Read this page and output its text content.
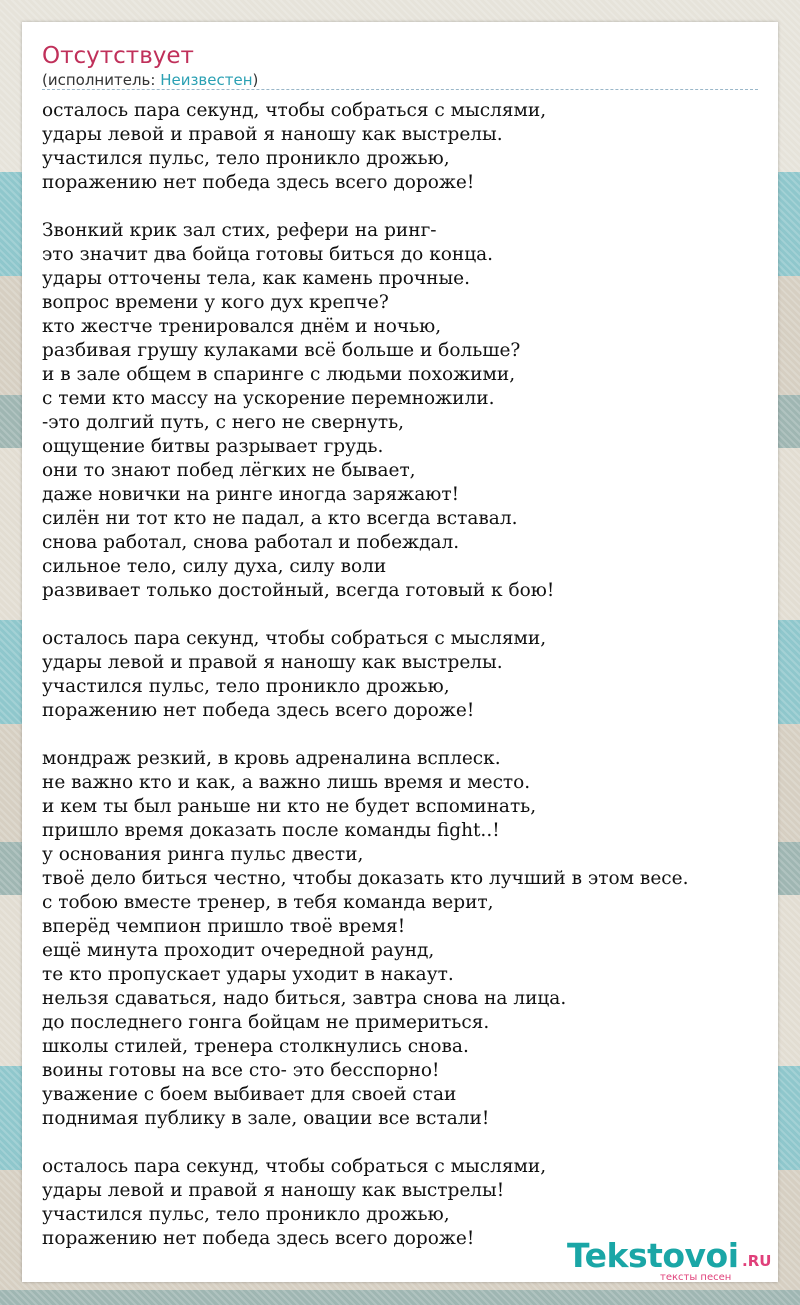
Отсутствует
(исполнитель: Неизвестен)
осталось пара секунд, чтобы собраться с мыслями,
удары левой и правой я наношу как выстрелы.
участился пульс, тело проникло дрожью,
поражению нет победа здесь всего дороже!
Звонкий крик зал стих, рефери на ринг-
это значит два бойца готовы биться до конца.
удары отточены тела, как камень прочные.
вопрос времени у кого дух крепче?
кто жестче тренировался днём и ночью,
разбивая грушу кулаками всё больше и больше?
и в зале общем в спаринге с людьми похожими,
с теми кто массу на ускорение перемножили.
-это долгий путь, с него не свернуть,
ощущение битвы разрывает грудь.
они то знают побед лёгких не бывает,
даже новички на ринге иногда заряжают!
силён ни тот кто не падал, а кто всегда вставал.
снова работал, снова работал и побеждал.
сильное тело, силу духа, силу воли
развивает только достойный, всегда готовый к бою!
осталось пара секунд, чтобы собраться с мыслями,
удары левой и правой я наношу как выстрелы.
участился пульс, тело проникло дрожью,
поражению нет победа здесь всего дороже!
мондраж резкий, в кровь адреналина всплеск.
не важно кто и как, а важно лишь время и место.
и кем ты был раньше ни кто не будет вспоминать,
пришло время доказать после команды fight..!
у основания ринга пульс двести,
твоё дело биться честно, чтобы доказать кто лучший в этом весе.
с тобою вместе тренер, в тебя команда верит,
вперёд чемпион пришло твоё время!
ещё минута проходит очередной раунд,
те кто пропускает удары уходит в накаут.
нельзя сдаваться, надо биться, завтра снова на лица.
до последнего гонга бойцам не примериться.
школы стилей, тренера столкнулись снова.
воины готовы на все сто- это бесспорно!
уважение с боем выбивает для своей стаи
поднимая публику в зале, овации все встали!
осталось пара секунд, чтобы собраться с мыслями,
удары левой и правой я наношу как выстрелы!
участился пульс, тело проникло дрожью,
поражению нет победа здесь всего дороже!	Tekstovoi .RU
тексты песен
